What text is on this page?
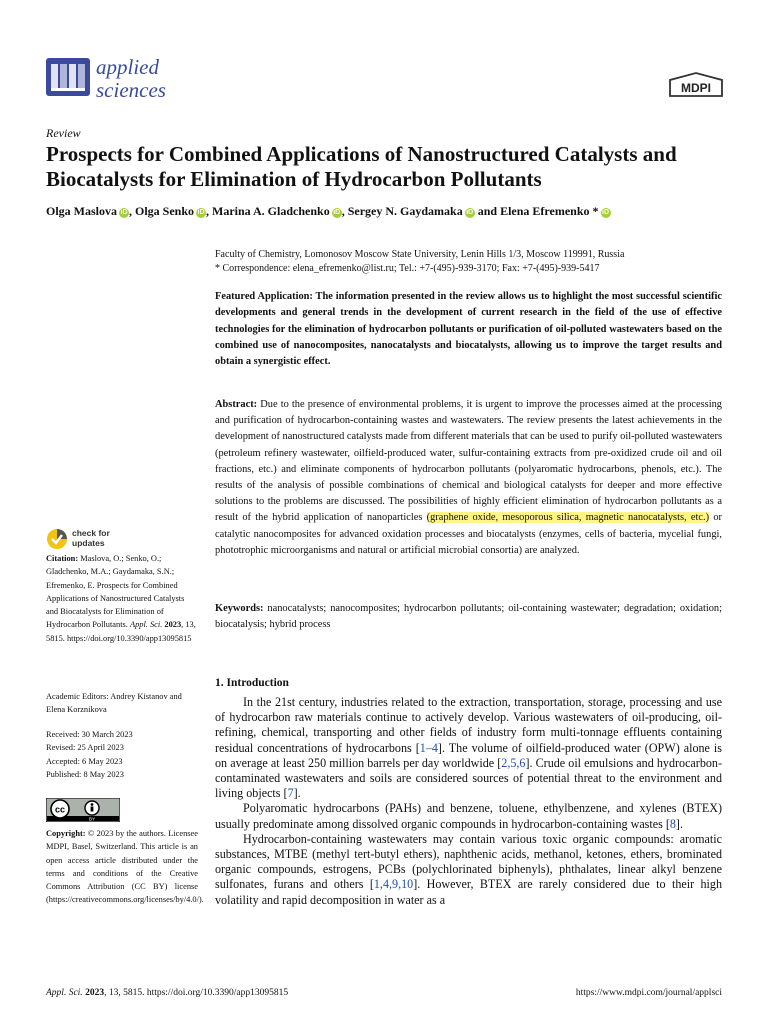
applied
sciences	MDPI
Review
Prospects for Combined Applications of Nanostructured Catalysts and Biocatalysts for Elimination of Hydrocarbon Pollutants
Olga Maslova iD , Olga Senko iD , Marina A. Gladchenko iD , Sergey N. Gaydamaka iD and Elena Efremenko * iD
Faculty of Chemistry, Lomonosov Moscow State University, Lenin Hills 1/3, Moscow 119991, Russia
* Correspondence: elena_efremenko@list.ru; Tel.: +7-(495)-939-3170; Fax: +7-(495)-939-5417
Featured Application: The information presented in the review allows us to highlight the most successful scientific developments and general trends in the development of current research in the field of the use of effective technologies for the elimination of hydrocarbon pollutants or purification of oil-polluted wastewaters based on the combined use of nanocomposites, nanocatalysts and biocatalysts, allowing us to improve the target results and obtain a synergistic effect.
Abstract: Due to the presence of environmental problems, it is urgent to improve the processes aimed at the processing and purification of hydrocarbon-containing wastes and wastewaters. The review presents the latest achievements in the development of nanostructured catalysts made from different materials that can be used to purify oil-polluted wastewaters (petroleum refinery wastewater, oilfield-produced water, sulfur-containing extracts from pre-oxidized crude oil and oil fractions, etc.) and eliminate components of hydrocarbon pollutants (polyaromatic hydrocarbons, phenols, etc.). The results of the analysis of possible combinations of chemical and biological catalysts for deeper and more effective solutions to the problems are discussed. The possibilities of highly efficient elimination of hydrocarbon pollutants as a result of the hybrid application of nanoparticles (graphene oxide, mesoporous silica, magnetic nanocatalysts, etc.) or catalytic nanocomposites for advanced oxidation processes and biocatalysts (enzymes, cells of bacteria, mycelial fungi, phototrophic microorganisms and natural or artificial microbial consortia) are analyzed.
Keywords: nanocatalysts; nanocomposites; hydrocarbon pollutants; oil-containing wastewater; degradation; oxidation; biocatalysis; hybrid process
check for
updates
Citation: Maslova, O.; Senko, O.; Gladchenko, M.A.; Gaydamaka, S.N.; Efremenko, E. Prospects for Combined Applications of Nanostructured Catalysts and Biocatalysts for Elimination of Hydrocarbon Pollutants. Appl. Sci. 2023, 13, 5815. https://doi.org/10.3390/app13095815
Academic Editors: Andrey Kistanov and Elena Korznikova
Received: 30 March 2023
Revised: 25 April 2023
Accepted: 6 May 2023
Published: 8 May 2023
cc
BY
Copyright: © 2023 by the authors. Licensee MDPI, Basel, Switzerland. This article is an open access article distributed under the terms and conditions of the Creative Commons Attribution (CC BY) license (https://creativecommons.org/licenses/by/4.0/).
1. Introduction

In the 21st century, industries related to the extraction, transportation, storage, processing and use of hydrocarbon raw materials continue to actively develop. Various wastewaters of oil-producing, oil-refining, chemical, transporting and other fields of industry form multi-tonnage effluents containing residual concentrations of hydrocarbons [1–4]. The volume of oilfield-produced water (OPW) alone is on average at least 250 million barrels per day worldwide [2,5,6]. Crude oil emulsions and hydrocarbon-contaminated wastewaters and soils are considered sources of potential threat to the environment and living objects [7].

Polyaromatic hydrocarbons (PAHs) and benzene, toluene, ethylbenzene, and xylenes (BTEX) usually predominate among dissolved organic compounds in hydrocarbon-containing wastes [8].

Hydrocarbon-containing wastewaters may contain various toxic organic compounds: aromatic substances, MTBE (methyl tert-butyl ethers), naphthenic acids, methanol, ketones, ethers, brominated organic compounds, estrogens, PCBs (polychlorinated biphenyls), phthalates, linear alkyl benzene sulfonates, furans and others [1,4,9,10]. However, BTEX are rarely considered due to their high volatility and rapid decomposition in water as a

Appl. Sci. 2023, 13, 5815. https://doi.org/10.3390/app13095815	https://www.mdpi.com/journal/applsci
